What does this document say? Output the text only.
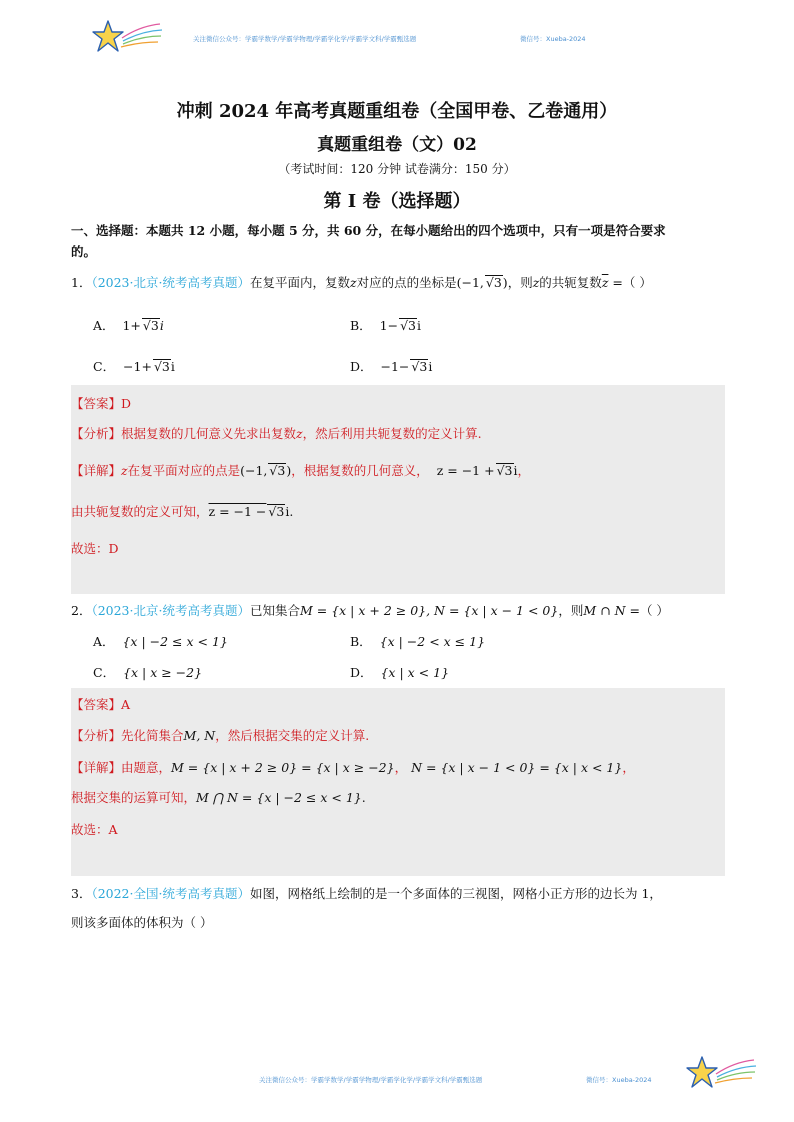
关注微信公众号：学霸学数学/学霸学物理/学霸学化学/学霸学文科/学霸甄选题	微信号：Xueba-2024
冲刺 2024 年高考真题重组卷（全国甲卷、乙卷通用）
真题重组卷（文）02
（考试时间：120 分钟 试卷满分：150 分）
第 I 卷（选择题）
一、选择题：本题共 12 小题，每小题 5 分，共 60 分，在每小题给出的四个选项中，只有一项是符合要求
的。
1．（2023·北京·统考高考真题）在复平面内，复数z对应的点的坐标是(−1, √3)，则z的共轭复数$\overline{z}$ =（ ）
A． 1+ √3i	B． 1− √3i
C． −1+ √3i	D． −1− √3i
【答案】D
【分析】根据复数的几何意义先求出复数z，然后利用共轭复数的定义计算.
【详解】z在复平面对应的点是(−1, √3)，根据复数的几何意义， z = −1 + √3i，
由共轭复数的定义可知，z = −1 − √3i.
故选：D
2．（2023·北京·统考高考真题）已知集合M = {x | x + 2 ≥ 0}, N = {x | x − 1 < 0}，则M ∩ N =（ ）
A． {x | −2 ≤ x < 1}	B． {x | −2 < x ≤ 1}
C． {x | x ≥ −2}	D． {x | x < 1}
【答案】A
【分析】先化简集合M, N，然后根据交集的定义计算.
【详解】由题意，M = {x | x + 2 ≥ 0} = {x | x ≥ −2}， N = {x | x − 1 < 0} = {x | x < 1}，
根据交集的运算可知，M ⋂ N = {x | −2 ≤ x < 1}.
故选：A
3．（2022·全国·统考高考真题）如图，网格纸上绘制的是一个多面体的三视图，网格小正方形的边长为 1，
则该多面体的体积为（ ）
关注微信公众号：学霸学数学/学霸学物理/学霸学化学/学霸学文科/学霸甄选题	微信号：Xueba-2024
